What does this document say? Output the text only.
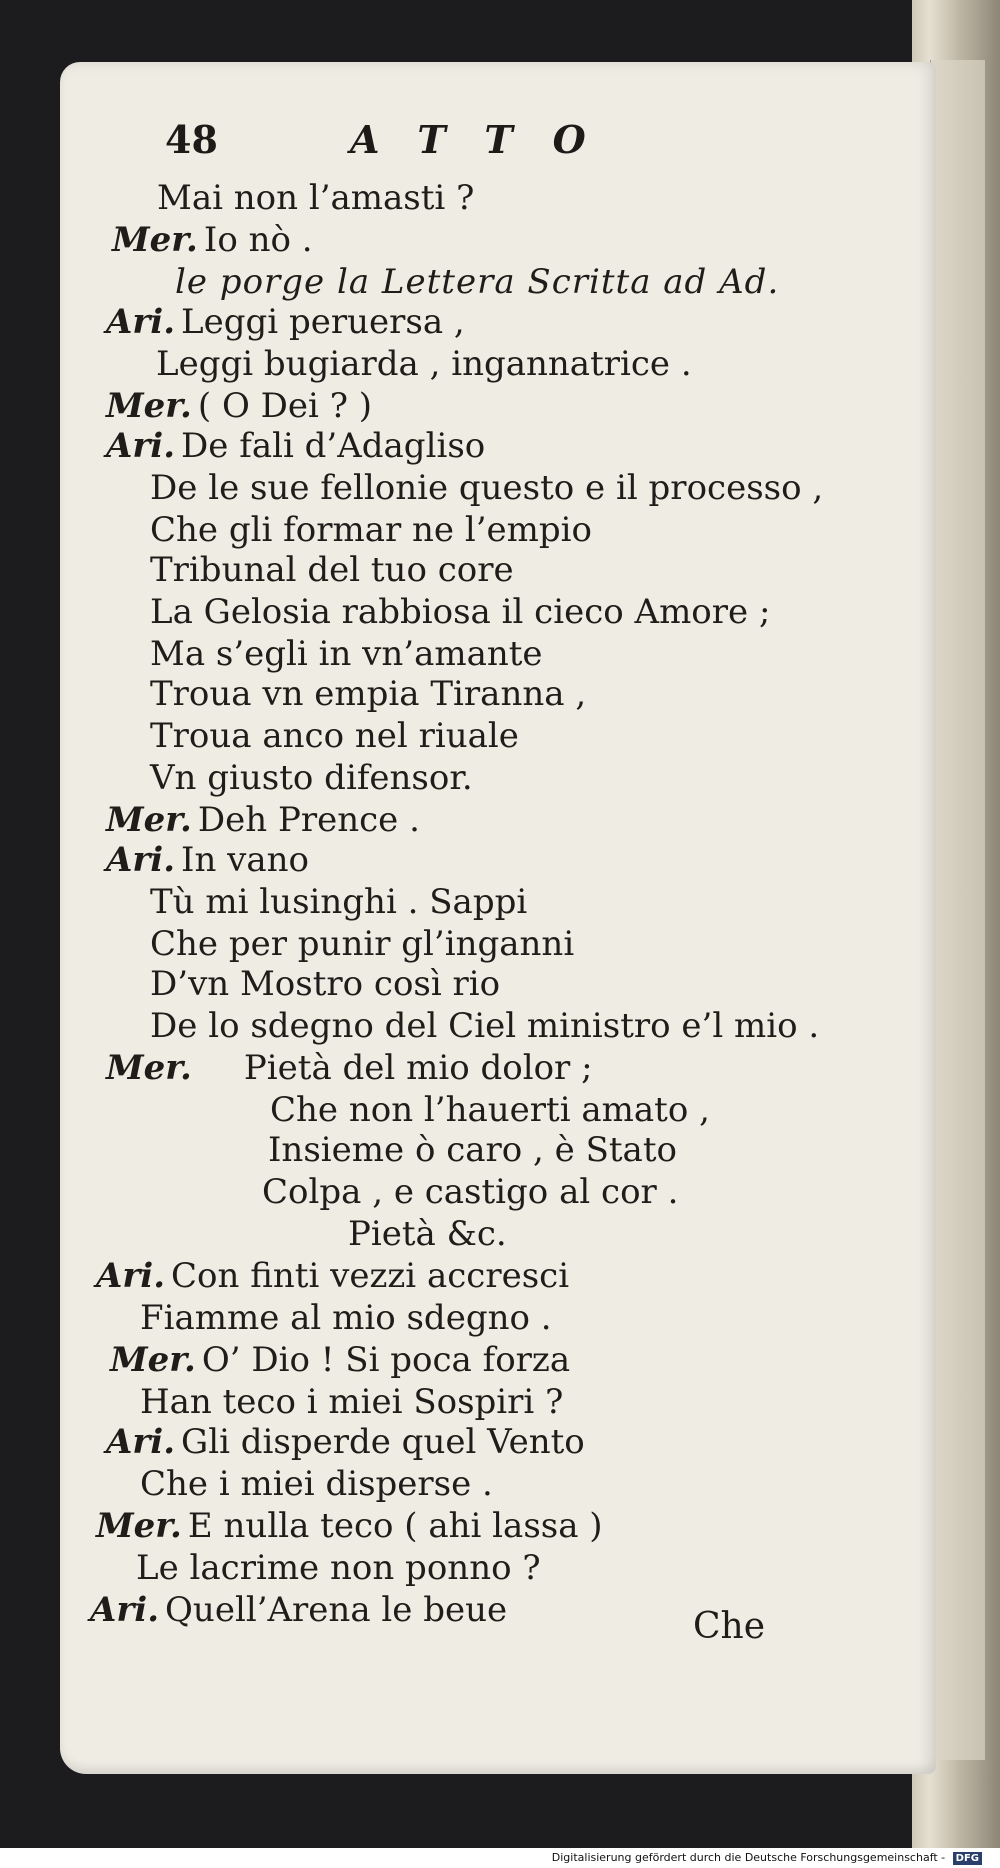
48	ATTO
Mai non l’amasti ?
Mer. Io nò .
le porge la Lettera Scritta ad Ad.
Ari. Leggi peruersa ,
Leggi bugiarda , ingannatrice .
Mer. ( O Dei ? )
Ari. De fali d’Adagliso
De le sue fellonie questo e il processo ,
Che gli formar ne l’empio
Tribunal del tuo core
La Gelosia rabbiosa il cieco Amore ;
Ma s’egli in vn’amante
Troua vn empia Tiranna ,
Troua anco nel riuale
Vn giusto difensor.
Mer. Deh Prence .
Ari. In vano
Tù mi lusinghi . Sappi
Che per punir gl’inganni
D’vn Mostro così rio
De lo sdegno del Ciel ministro e’l mio .
Mer. Pietà del mio dolor ;
Che non l’hauerti amato ,
Insieme ò caro , è Stato
Colpa , e castigo al cor .
Pietà &c.
Ari. Con finti vezzi accresci
Fiamme al mio sdegno .
Mer. O’ Dio ! Si poca forza
Han teco i miei Sospiri ?
Ari. Gli disperde quel Vento
Che i miei disperse .
Mer. E nulla teco ( ahi lassa )
Le lacrime non ponno ?
Ari. Quell’Arena le beue	Che
Digitalisierung gefördert durch die Deutsche Forschungsgemeinschaft - DFG
